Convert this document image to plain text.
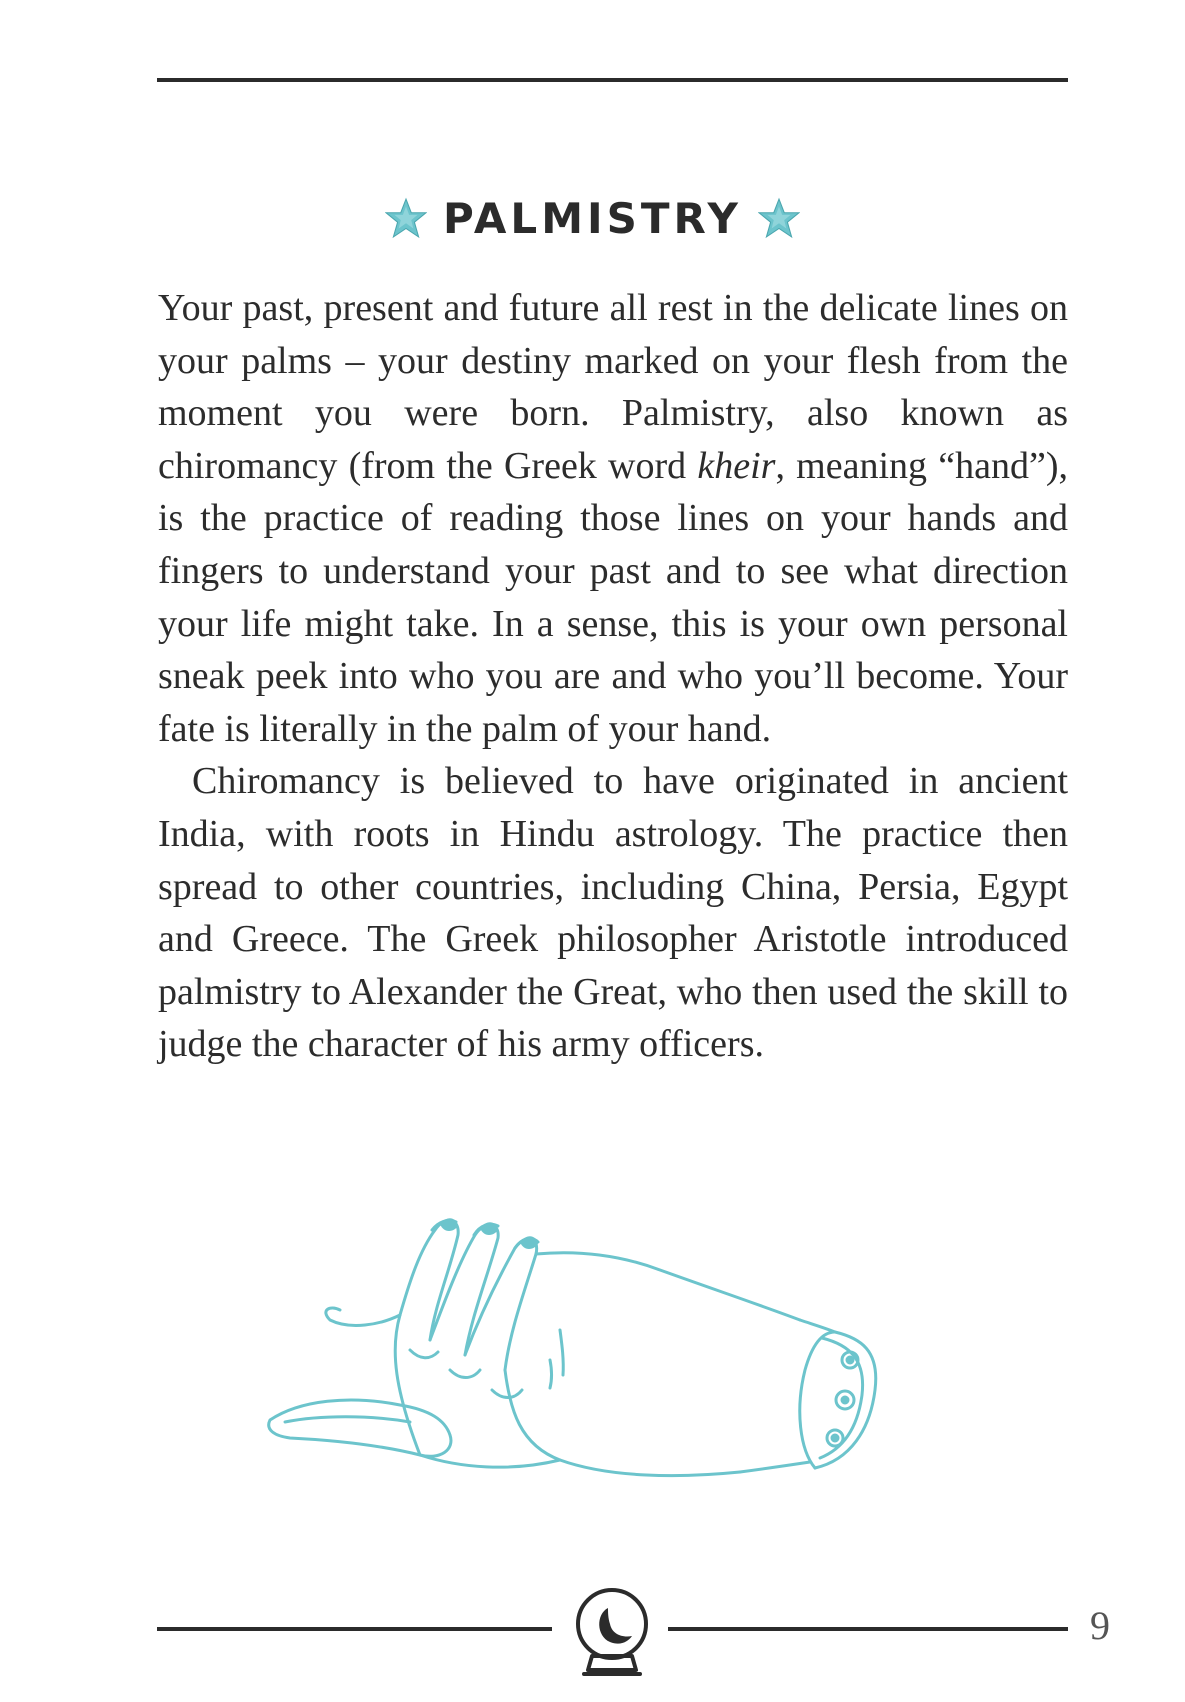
PALMISTRY

Your past, present and future all rest in the delicate lines on your palms – your destiny marked on your flesh from the moment you were born. Palmistry, also known as chiromancy (from the Greek word kheir, meaning “hand”), is the practice of reading those lines on your hands and fingers to understand your past and to see what direction your life might take. In a sense, this is your own personal sneak peek into who you are and who you’ll become. Your fate is literally in the palm of your hand.

Chiromancy is believed to have originated in ancient India, with roots in Hindu astrology. The practice then spread to other countries, including China, Persia, Egypt and Greece. The Greek philosopher Aristotle introduced palmistry to Alexander the Great, who then used the skill to judge the character of his army officers.

9
